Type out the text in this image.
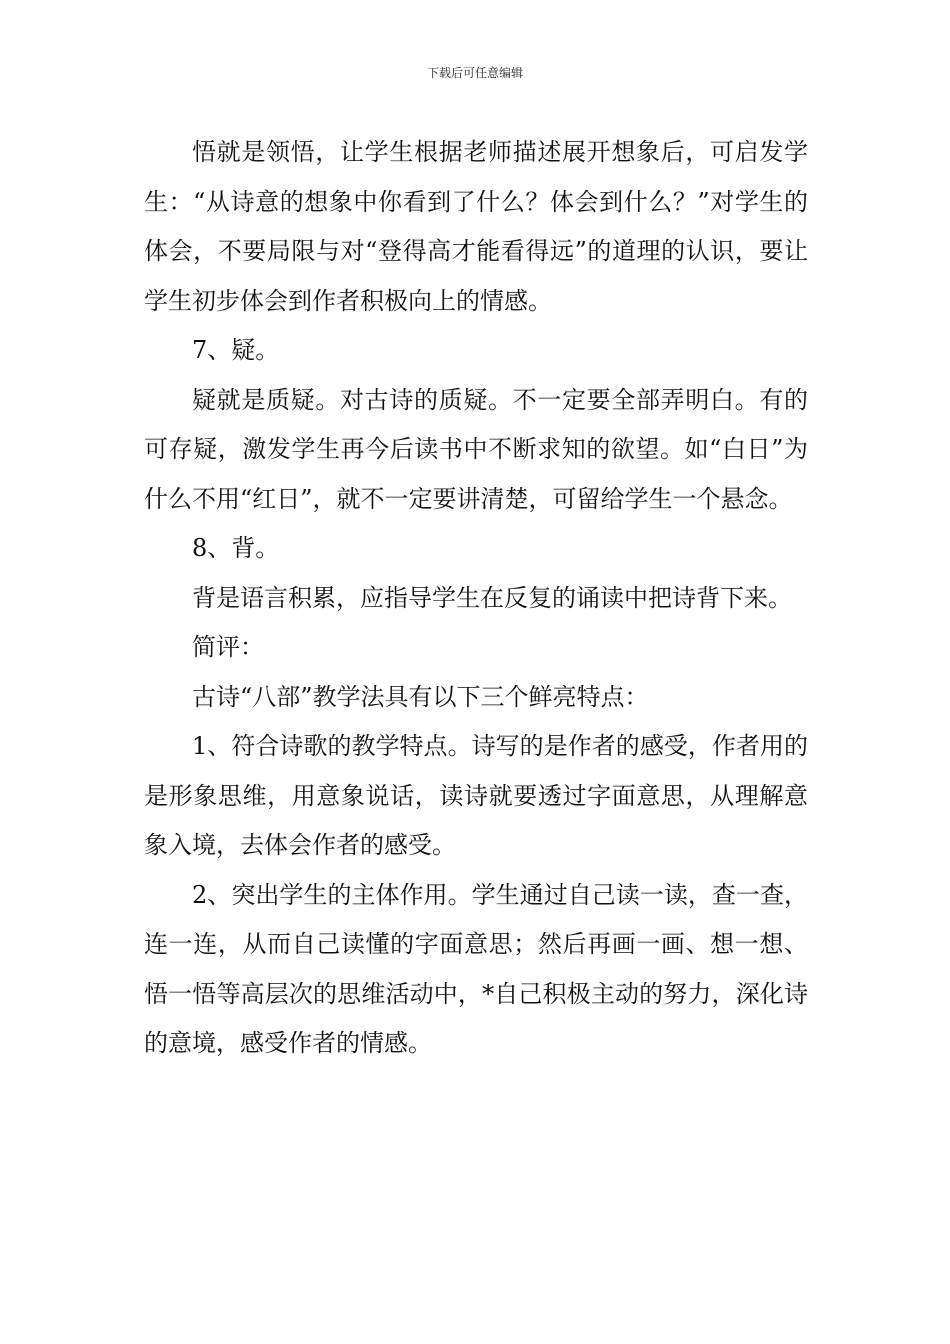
下载后可任意编辑

悟就是领悟，让学生根据老师描述展开想象后，可启发学生：“从诗意的想象中你看到了什么？体会到什么？”对学生的体会，不要局限与对“登得高才能看得远”的道理的认识，要让学生初步体会到作者积极向上的情感。

7、疑。

疑就是质疑。对古诗的质疑。不一定要全部弄明白。有的可存疑，激发学生再今后读书中不断求知的欲望。如“白日”为什么不用“红日”，就不一定要讲清楚，可留给学生一个悬念。

8、背。

背是语言积累，应指导学生在反复的诵读中把诗背下来。

简评：

古诗“八部”教学法具有以下三个鲜亮特点：

1、符合诗歌的教学特点。诗写的是作者的感受，作者用的是形象思维，用意象说话，读诗就要透过字面意思，从理解意象入境，去体会作者的感受。

2、突出学生的主体作用。学生通过自己读一读，查一查，连一连，从而自己读懂的字面意思；然后再画一画、想一想、悟一悟等高层次的思维活动中，*自己积极主动的努力，深化诗的意境，感受作者的情感。
